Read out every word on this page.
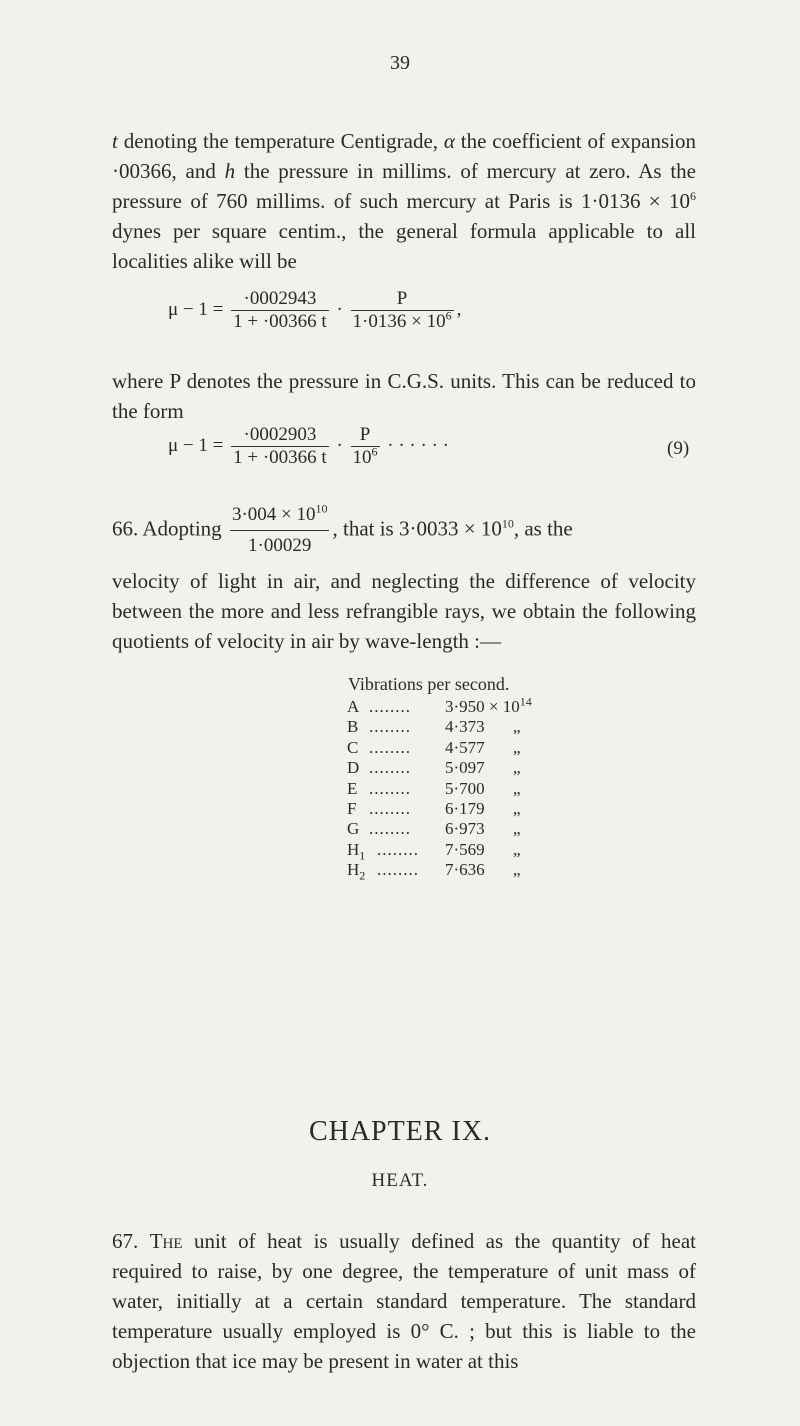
39

t denoting the temperature Centigrade, α the coefficient of expansion ·00366, and h the pressure in millims. of mercury at zero. As the pressure of 760 millims. of such mercury at Paris is $1\cdot 0136 \times 10^6$ dynes per square centim., the general formula applicable to all localities alike will be

$\mu - 1 = \frac{\cdot 0002943}{1 + \cdot 00366 t} \cdot \frac{P}{1\cdot 0136 \times 10^6}$ ,

where P denotes the pressure in C.G.S. units. This can be reduced to the form

$\mu - 1 = \frac{\cdot 0002903}{1 + \cdot 00366 t} \cdot \frac{P}{10^6}$ · · · · · ·	(9)
66. Adopting $\frac{3\cdot 004 \times 10^{10}}{1\cdot 00029}$ , that is $3\cdot 0033 \times 10^{10}$, as the

velocity of light in air, and neglecting the difference of velocity between the more and less refrangible rays, we obtain the following quotients of velocity in air by wave-length :—

Vibrations per second.
A ........ $3\cdot 950 \times 10^{14}$
B ........ 4·373 „
C ........ 4·577 „
D ........ 5·097 „
E ........ 5·700 „
F ........ 6·179 „
G ........ 6·973 „
$H_1$ ........ 7·569 „
$H_2$ ........ 7·636 „
CHAPTER IX.
HEAT.

67. The unit of heat is usually defined as the quantity of heat required to raise, by one degree, the temperature of unit mass of water, initially at a certain standard temperature. The standard temperature usually employed is 0° C. ; but this is liable to the objection that ice may be present in water at this
